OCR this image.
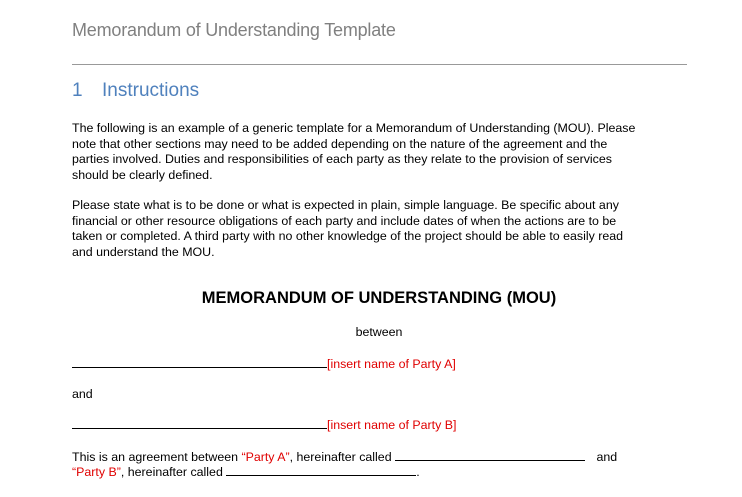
Memorandum of Understanding Template
1 Instructions
The following is an example of a generic template for a Memorandum of Understanding (MOU). Please
note that other sections may need to be added depending on the nature of the agreement and the
parties involved. Duties and responsibilities of each party as they relate to the provision of services
should be clearly defined.
Please state what is to be done or what is expected in plain, simple language. Be specific about any
financial or other resource obligations of each party and include dates of when the actions are to be
taken or completed. A third party with no other knowledge of the project should be able to easily read
and understand the MOU.
MEMORANDUM OF UNDERSTANDING (MOU)
between
[insert name of Party A]
and
[insert name of Party B]
This is an agreement between “Party A”, hereinafter called	and
“Party B”, hereinafter called	.
